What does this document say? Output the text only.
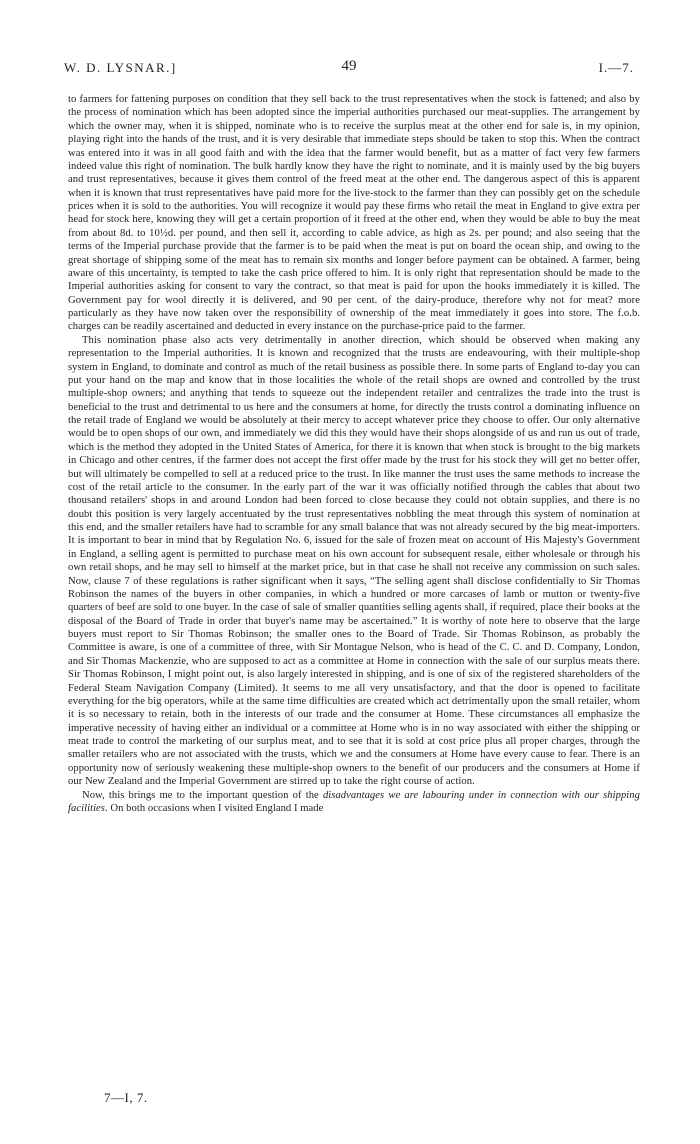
W. D. LYSNAR.]	49	I.—7.

to farmers for fattening purposes on condition that they sell back to the trust representatives when the stock is fattened; and also by the process of nomination which has been adopted since the imperial authorities purchased our meat-supplies. The arrangement by which the owner may, when it is shipped, nominate who is to receive the surplus meat at the other end for sale is, in my opinion, playing right into the hands of the trust, and it is very desirable that immediate steps should be taken to stop this. When the contract was entered into it was in all good faith and with the idea that the farmer would benefit, but as a matter of fact very few farmers indeed value this right of nomination. The bulk hardly know they have the right to nominate, and it is mainly used by the big buyers and trust representatives, because it gives them control of the freed meat at the other end. The dangerous aspect of this is apparent when it is known that trust representatives have paid more for the live-stock to the farmer than they can possibly get on the schedule prices when it is sold to the authorities. You will recognize it would pay these firms who retail the meat in England to give extra per head for stock here, knowing they will get a certain proportion of it freed at the other end, when they would be able to buy the meat from about 8d. to 10½d. per pound, and then sell it, according to cable advice, as high as 2s. per pound; and also seeing that the terms of the Imperial purchase provide that the farmer is to be paid when the meat is put on board the ocean ship, and owing to the great shortage of shipping some of the meat has to remain six months and longer before payment can be obtained. A farmer, being aware of this uncertainty, is tempted to take the cash price offered to him. It is only right that representation should be made to the Imperial authorities asking for consent to vary the contract, so that meat is paid for upon the hooks immediately it is killed. The Government pay for wool directly it is delivered, and 90 per cent. of the dairy-produce, therefore why not for meat? more particularly as they have now taken over the responsibility of ownership of the meat immediately it goes into store. The f.o.b. charges can be readily ascertained and deducted in every instance on the purchase-price paid to the farmer.

This nomination phase also acts very detrimentally in another direction, which should be observed when making any representation to the Imperial authorities. It is known and recognized that the trusts are endeavouring, with their multiple-shop system in England, to dominate and control as much of the retail business as possible there. In some parts of England to-day you can put your hand on the map and know that in those localities the whole of the retail shops are owned and controlled by the trust multiple-shop owners; and anything that tends to squeeze out the independent retailer and centralizes the trade into the trust is beneficial to the trust and detrimental to us here and the consumers at home, for directly the trusts control a dominating influence on the retail trade of England we would be absolutely at their mercy to accept whatever price they choose to offer. Our only alternative would be to open shops of our own, and immediately we did this they would have their shops alongside of us and run us out of trade, which is the method they adopted in the United States of America, for there it is known that when stock is brought to the big markets in Chicago and other centres, if the farmer does not accept the first offer made by the trust for his stock they will get no better offer, but will ultimately be compelled to sell at a reduced price to the trust. In like manner the trust uses the same methods to increase the cost of the retail article to the consumer. In the early part of the war it was officially notified through the cables that about two thousand retailers' shops in and around London had been forced to close because they could not obtain supplies, and there is no doubt this position is very largely accentuated by the trust representatives nobbling the meat through this system of nomination at this end, and the smaller retailers have had to scramble for any small balance that was not already secured by the big meat-importers. It is important to bear in mind that by Regulation No. 6, issued for the sale of frozen meat on account of His Majesty's Government in England, a selling agent is permitted to purchase meat on his own account for subsequent resale, either wholesale or through his own retail shops, and he may sell to himself at the market price, but in that case he shall not receive any commission on such sales. Now, clause 7 of these regulations is rather significant when it says, “The selling agent shall disclose confidentially to Sir Thomas Robinson the names of the buyers in other companies, in which a hundred or more carcases of lamb or mutton or twenty-five quarters of beef are sold to one buyer. In the case of sale of smaller quantities selling agents shall, if required, place their books at the disposal of the Board of Trade in order that buyer's name may be ascertained.” It is worthy of note here to observe that the large buyers must report to Sir Thomas Robinson; the smaller ones to the Board of Trade. Sir Thomas Robinson, as probably the Committee is aware, is one of a committee of three, with Sir Montague Nelson, who is head of the C. C. and D. Company, London, and Sir Thomas Mackenzie, who are supposed to act as a committee at Home in connection with the sale of our surplus meats there. Sir Thomas Robinson, I might point out, is also largely interested in shipping, and is one of six of the registered shareholders of the Federal Steam Navigation Company (Limited). It seems to me all very unsatisfactory, and that the door is opened to facilitate everything for the big operators, while at the same time difficulties are created which act detrimentally upon the small retailer, whom it is so necessary to retain, both in the interests of our trade and the consumer at Home. These circumstances all emphasize the imperative necessity of having either an individual or a committee at Home who is in no way associated with either the shipping or meat trade to control the marketing of our surplus meat, and to see that it is sold at cost price plus all proper charges, through the smaller retailers who are not associated with the trusts, which we and the consumers at Home have every cause to fear. There is an opportunity now of seriously weakening these multiple-shop owners to the benefit of our producers and the consumers at Home if our New Zealand and the Imperial Government are stirred up to take the right course of action.

Now, this brings me to the important question of the disadvantages we are labouring under in connection with our shipping facilities. On both occasions when I visited England I made

7—I, 7.
